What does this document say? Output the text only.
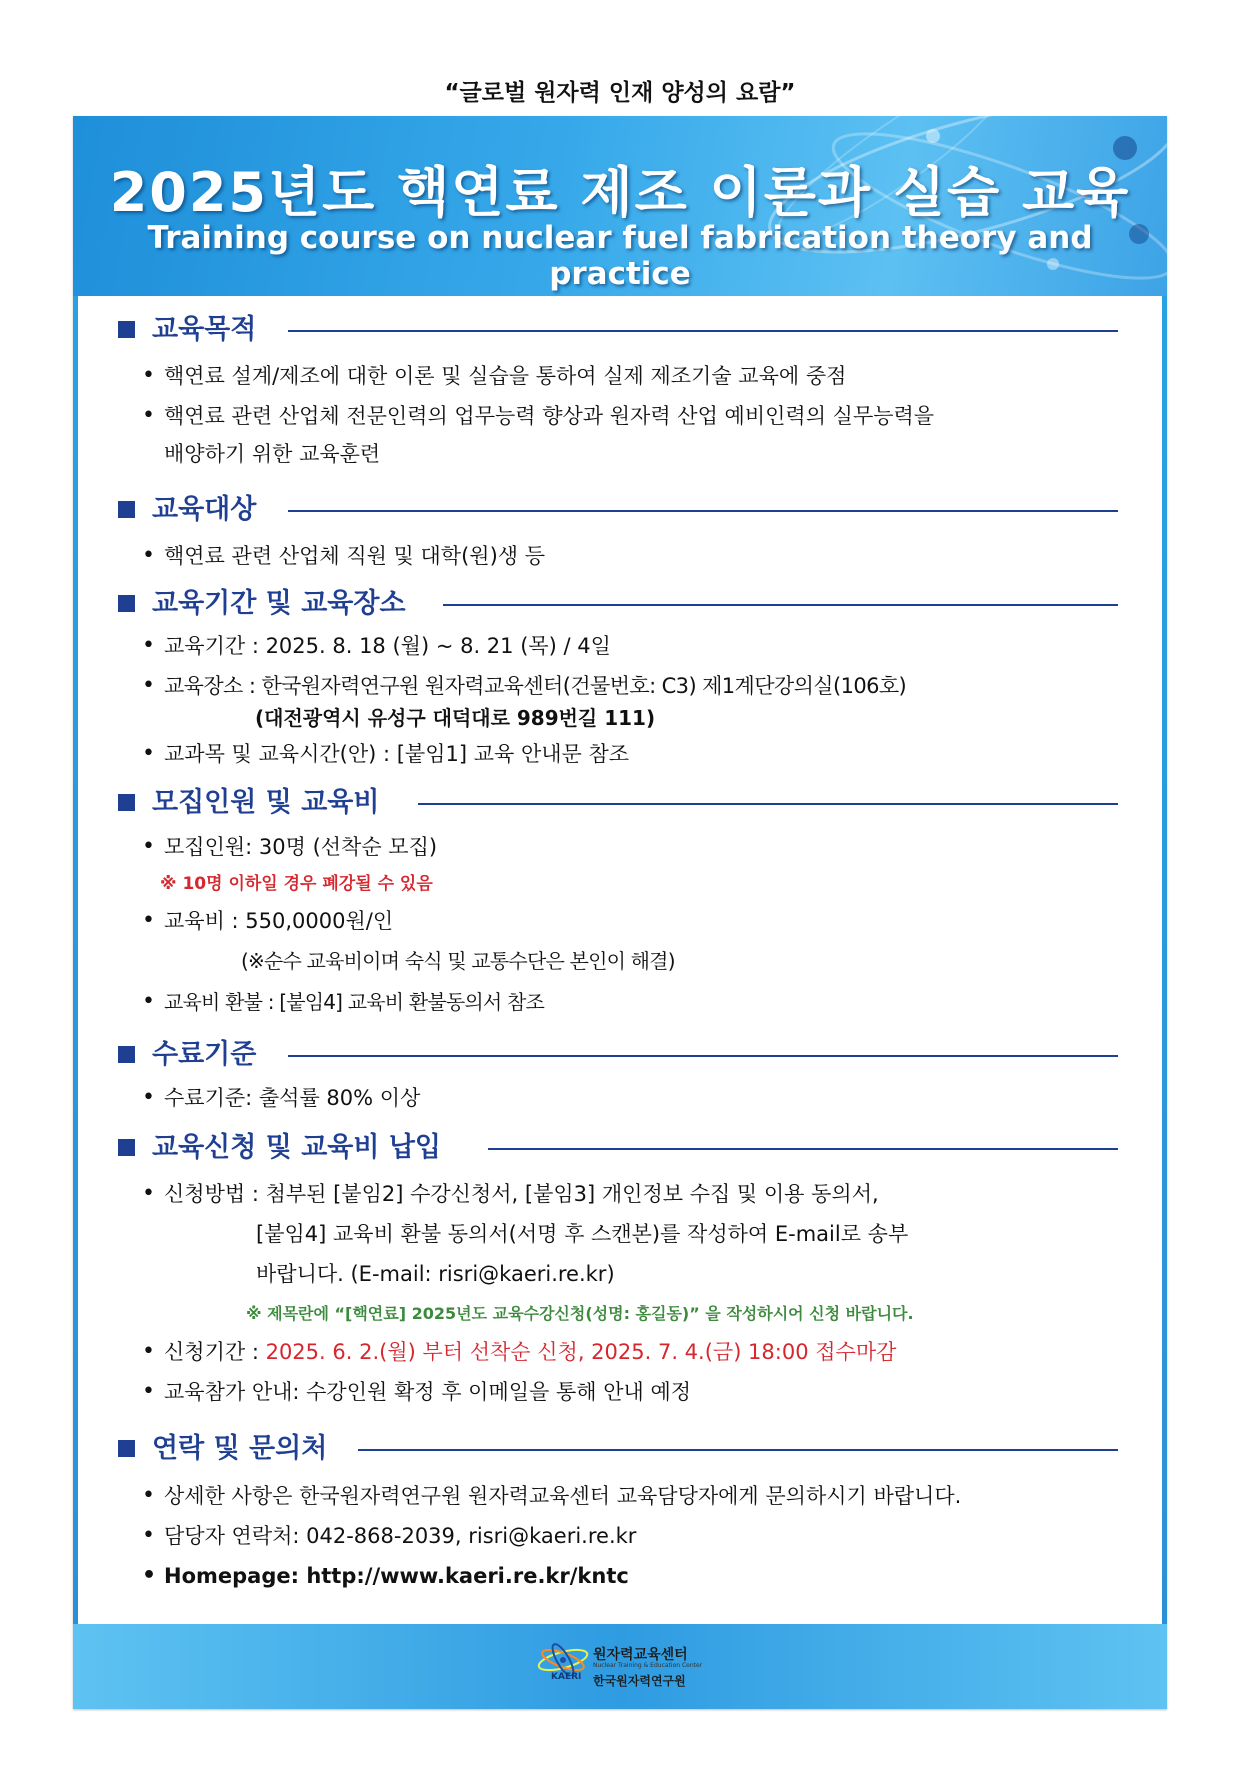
“글로벌 원자력 인재 양성의 요람”
2025년도 핵연료 제조 이론과 실습 교육
Training course on nuclear fuel fabrication theory and practice
교육목적
• 핵연료 설계/제조에 대한 이론 및 실습을 통하여 실제 제조기술 교육에 중점
• 핵연료 관련 산업체 전문인력의 업무능력 향상과 원자력 산업 예비인력의 실무능력을
배양하기 위한 교육훈련
교육대상
• 핵연료 관련 산업체 직원 및 대학(원)생 등
교육기간 및 교육장소
• 교육기간 : 2025. 8. 18 (월) ~ 8. 21 (목) / 4일
• 교육장소 : 한국원자력연구원 원자력교육센터(건물번호: C3) 제1계단강의실(106호)
(대전광역시 유성구 대덕대로 989번길 111)
• 교과목 및 교육시간(안) : [붙임1] 교육 안내문 참조
모집인원 및 교육비
• 모집인원: 30명 (선착순 모집)
※ 10명 이하일 경우 폐강될 수 있음
• 교육비 : 550,0000원/인
(※순수 교육비이며 숙식 및 교통수단은 본인이 해결)
• 교육비 환불 : [붙임4] 교육비 환불동의서 참조
수료기준
• 수료기준: 출석률 80% 이상
교육신청 및 교육비 납입
• 신청방법 : 첨부된 [붙임2] 수강신청서, [붙임3] 개인정보 수집 및 이용 동의서,
[붙임4] 교육비 환불 동의서(서명 후 스캔본)를 작성하여 E-mail로 송부
바랍니다. (E-mail: risri@kaeri.re.kr)
※ 제목란에 “[핵연료] 2025년도 교육수강신청(성명: 홍길동)” 을 작성하시어 신청 바랍니다.
• 신청기간 : 2025. 6. 2.(월) 부터 선착순 신청, 2025. 7. 4.(금) 18:00 접수마감
• 교육참가 안내: 수강인원 확정 후 이메일을 통해 안내 예정
연락 및 문의처
• 상세한 사항은 한국원자력연구원 원자력교육센터 교육담당자에게 문의하시기 바랍니다.
• 담당자 연락처: 042-868-2039, risri@kaeri.re.kr
• Homepage: http://www.kaeri.re.kr/kntc
원자력교육센터
Nuclear Training & Education Center
KAERI 한국원자력연구원
